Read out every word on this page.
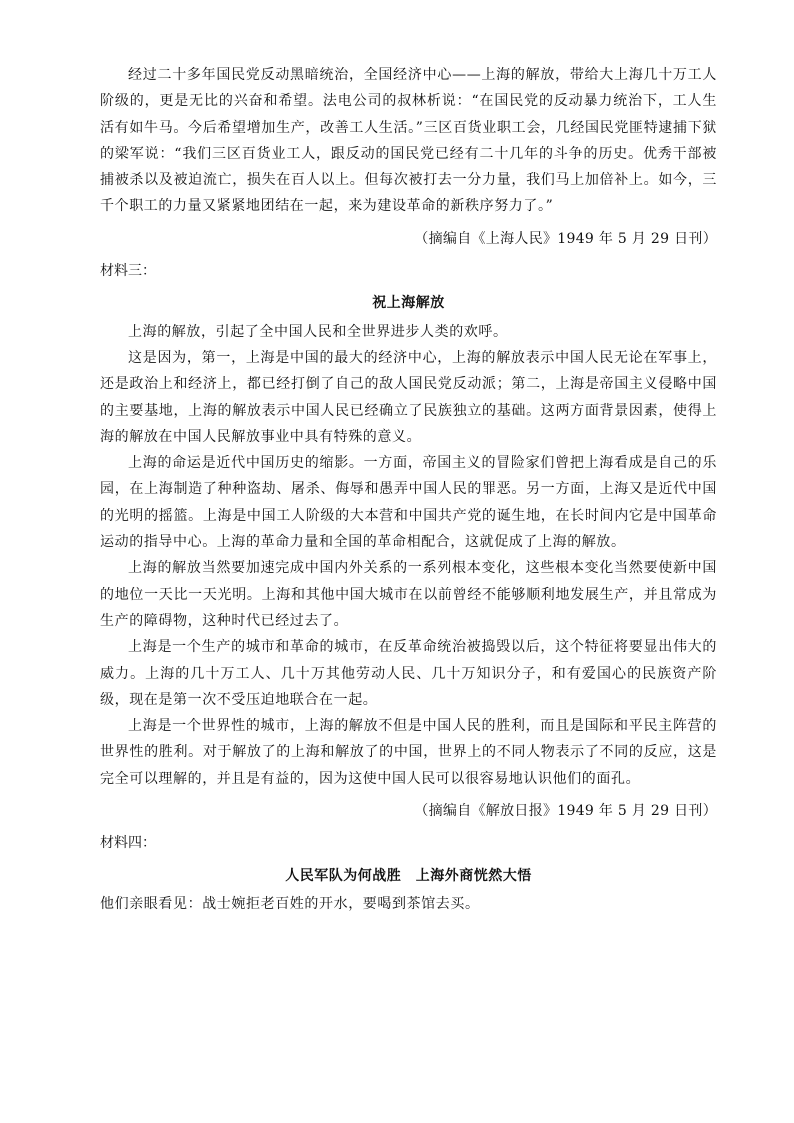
经过二十多年国民党反动黑暗统治，全国经济中心——上海的解放，带给大上海几十万工人阶级的，更是无比的兴奋和希望。法电公司的叔林析说：“在国民党的反动暴力统治下，工人生活有如牛马。今后希望增加生产，改善工人生活。”三区百货业职工会，几经国民党匪特逮捕下狱的梁军说：“我们三区百货业工人，跟反动的国民党已经有二十几年的斗争的历史。优秀干部被捕被杀以及被迫流亡，损失在百人以上。但每次被打去一分力量，我们马上加倍补上。如今，三千个职工的力量又紧紧地团结在一起，来为建设革命的新秩序努力了。”

（摘编自《上海人民》1949 年 5 月 29 日刊）

材料三：

祝上海解放

上海的解放，引起了全中国人民和全世界进步人类的欢呼。

这是因为，第一，上海是中国的最大的经济中心，上海的解放表示中国人民无论在军事上，还是政治上和经济上，都已经打倒了自己的敌人国民党反动派；第二，上海是帝国主义侵略中国的主要基地，上海的解放表示中国人民已经确立了民族独立的基础。这两方面背景因素，使得上海的解放在中国人民解放事业中具有特殊的意义。

上海的命运是近代中国历史的缩影。一方面，帝国主义的冒险家们曾把上海看成是自己的乐园，在上海制造了种种盗劫、屠杀、侮辱和愚弄中国人民的罪恶。另一方面，上海又是近代中国的光明的摇篮。上海是中国工人阶级的大本营和中国共产党的诞生地，在长时间内它是中国革命运动的指导中心。上海的革命力量和全国的革命相配合，这就促成了上海的解放。

上海的解放当然要加速完成中国内外关系的一系列根本变化，这些根本变化当然要使新中国的地位一天比一天光明。上海和其他中国大城市在以前曾经不能够顺利地发展生产，并且常成为生产的障碍物，这种时代已经过去了。

上海是一个生产的城市和革命的城市，在反革命统治被捣毁以后，这个特征将要显出伟大的威力。上海的几十万工人、几十万其他劳动人民、几十万知识分子，和有爱国心的民族资产阶级，现在是第一次不受压迫地联合在一起。

上海是一个世界性的城市，上海的解放不但是中国人民的胜利，而且是国际和平民主阵营的世界性的胜利。对于解放了的上海和解放了的中国，世界上的不同人物表示了不同的反应，这是完全可以理解的，并且是有益的，因为这使中国人民可以很容易地认识他们的面孔。

（摘编自《解放日报》1949 年 5 月 29 日刊）

材料四：

人民军队为何战胜　上海外商恍然大悟

他们亲眼看见：战士婉拒老百姓的开水，要喝到茶馆去买。
